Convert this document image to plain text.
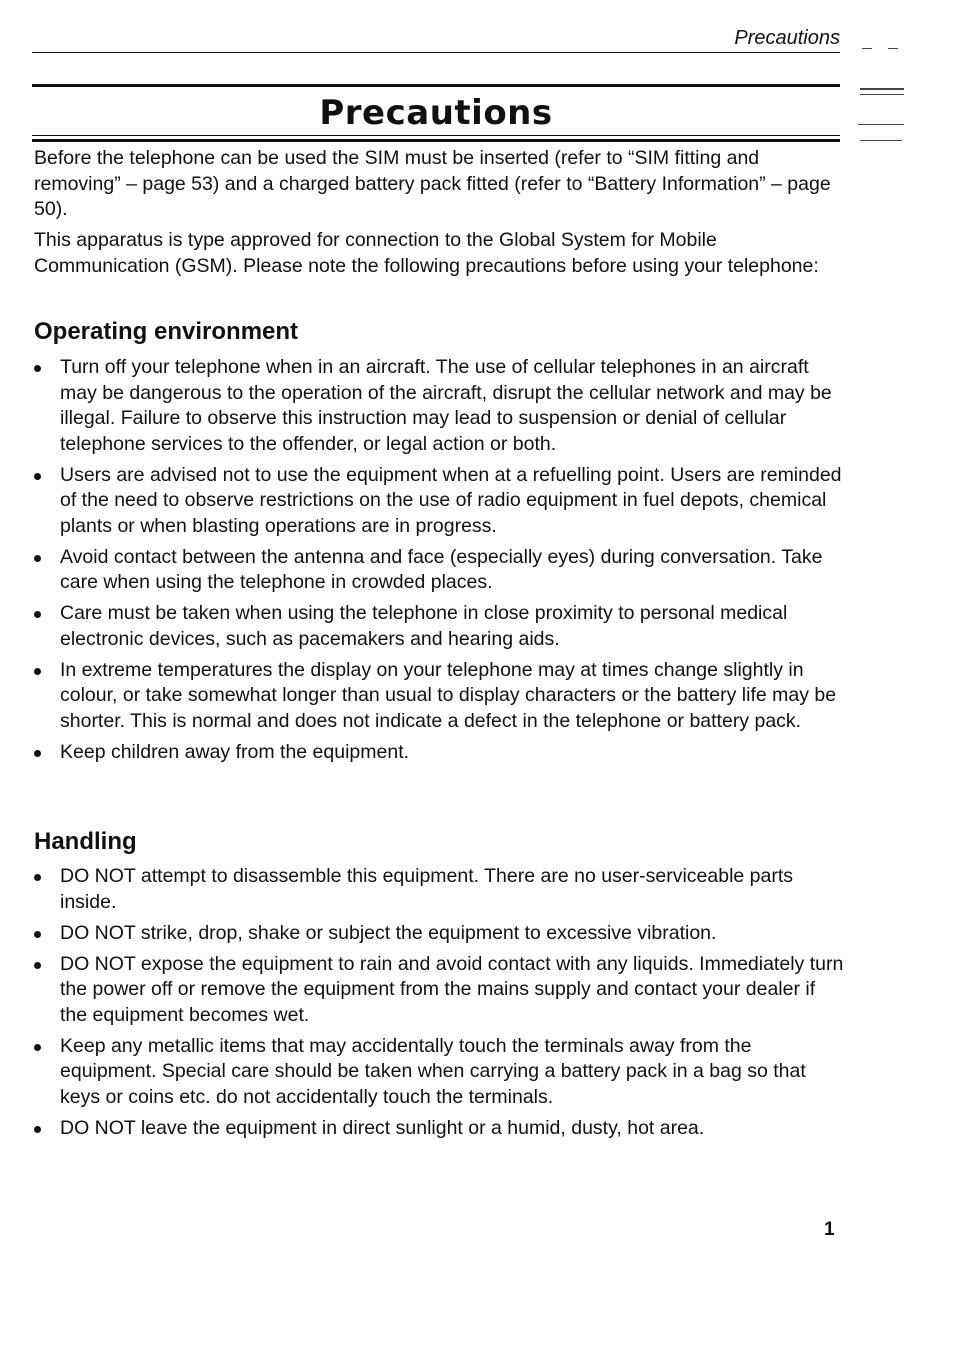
Precautions
Precautions
Before the telephone can be used the SIM must be inserted (refer to “SIM fitting and removing” – page 53) and a charged battery pack fitted (refer to “Battery Information” – page 50).
This apparatus is type approved for connection to the Global System for Mobile Communication (GSM). Please note the following precautions before using your telephone:
Operating environment
Turn off your telephone when in an aircraft. The use of cellular telephones in an aircraft may be dangerous to the operation of the aircraft, disrupt the cellular network and may be illegal. Failure to observe this instruction may lead to suspension or denial of cellular telephone services to the offender, or legal action or both.
Users are advised not to use the equipment when at a refuelling point. Users are reminded of the need to observe restrictions on the use of radio equipment in fuel depots, chemical plants or when blasting operations are in progress.
Avoid contact between the antenna and face (especially eyes) during conversation. Take care when using the telephone in crowded places.
Care must be taken when using the telephone in close proximity to personal medical electronic devices, such as pacemakers and hearing aids.
In extreme temperatures the display on your telephone may at times change slightly in colour, or take somewhat longer than usual to display characters or the battery life may be shorter. This is normal and does not indicate a defect in the telephone or battery pack.
Keep children away from the equipment.
Handling
DO NOT attempt to disassemble this equipment. There are no user-serviceable parts inside.
DO NOT strike, drop, shake or subject the equipment to excessive vibration.
DO NOT expose the equipment to rain and avoid contact with any liquids. Immediately turn the power off or remove the equipment from the mains supply and contact your dealer if the equipment becomes wet.
Keep any metallic items that may accidentally touch the terminals away from the equipment. Special care should be taken when carrying a battery pack in a bag so that keys or coins etc. do not accidentally touch the terminals.
DO NOT leave the equipment in direct sunlight or a humid, dusty, hot area.
1
